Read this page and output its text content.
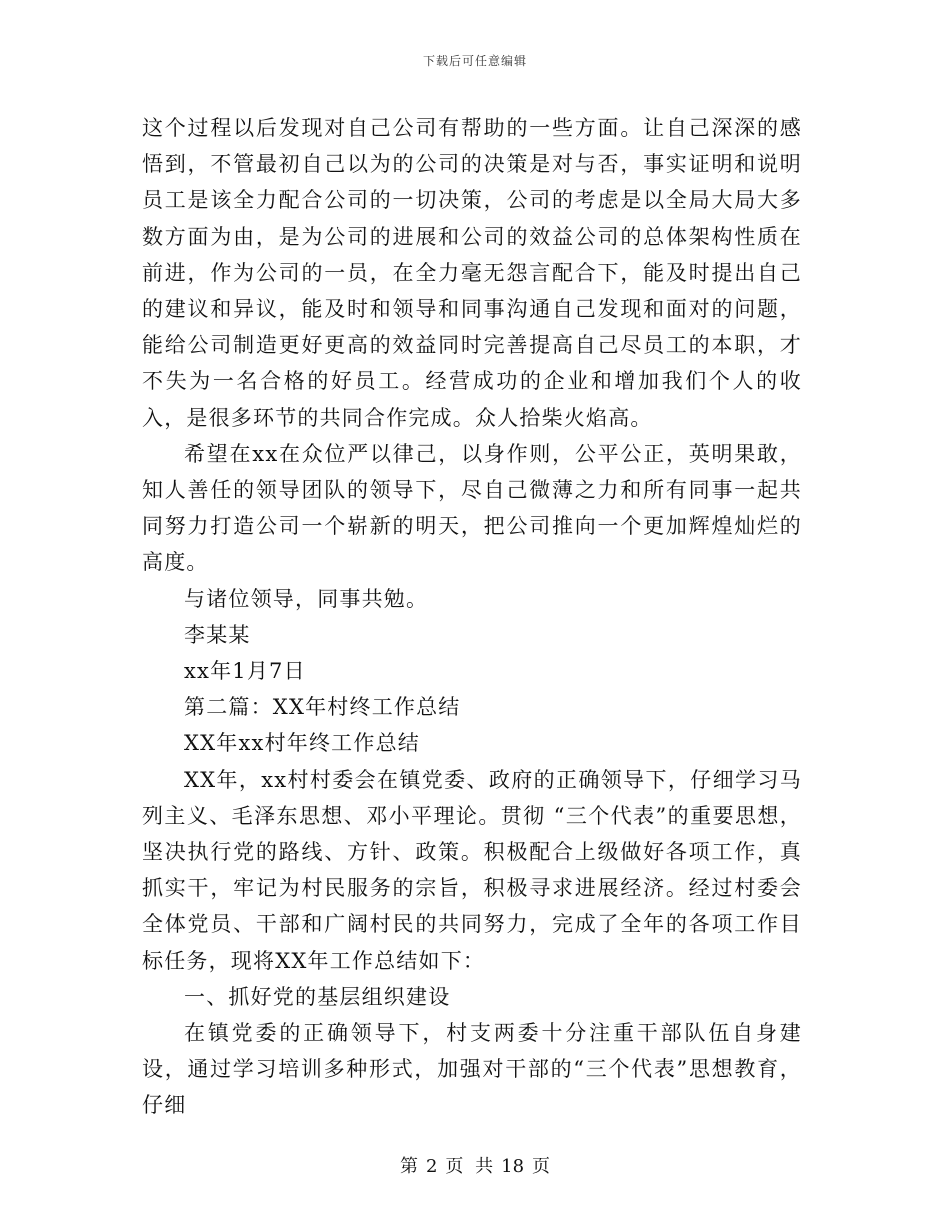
下载后可任意编辑

这个过程以后发现对自己公司有帮助的一些方面。让自己深深的感悟到，不管最初自己以为的公司的决策是对与否，事实证明和说明员工是该全力配合公司的一切决策，公司的考虑是以全局大局大多数方面为由，是为公司的进展和公司的效益公司的总体架构性质在前进，作为公司的一员，在全力毫无怨言配合下，能及时提出自己的建议和异议，能及时和领导和同事沟通自己发现和面对的问题，能给公司制造更好更高的效益同时完善提高自己尽员工的本职，才不失为一名合格的好员工。经营成功的企业和增加我们个人的收入，是很多环节的共同合作完成。众人拾柴火焰高。

希望在xx在众位严以律己，以身作则，公平公正，英明果敢，知人善任的领导团队的领导下，尽自己微薄之力和所有同事一起共同努力打造公司一个崭新的明天，把公司推向一个更加辉煌灿烂的高度。

与诸位领导，同事共勉。

李某某

xx年1月7日

第二篇：XX年村终工作总结

XX年xx村年终工作总结

XX年，xx村村委会在镇党委、政府的正确领导下，仔细学习马列主义、毛泽东思想、邓小平理论。贯彻 “三个代表”的重要思想，坚决执行党的路线、方针、政策。积极配合上级做好各项工作，真抓实干，牢记为村民服务的宗旨，积极寻求进展经济。经过村委会全体党员、干部和广阔村民的共同努力，完成了全年的各项工作目标任务，现将XX年工作总结如下：

一、抓好党的基层组织建设

在镇党委的正确领导下，村支两委十分注重干部队伍自身建设，通过学习培训多种形式，加强对干部的“三个代表”思想教育，仔细

第 2 页 共 18 页
